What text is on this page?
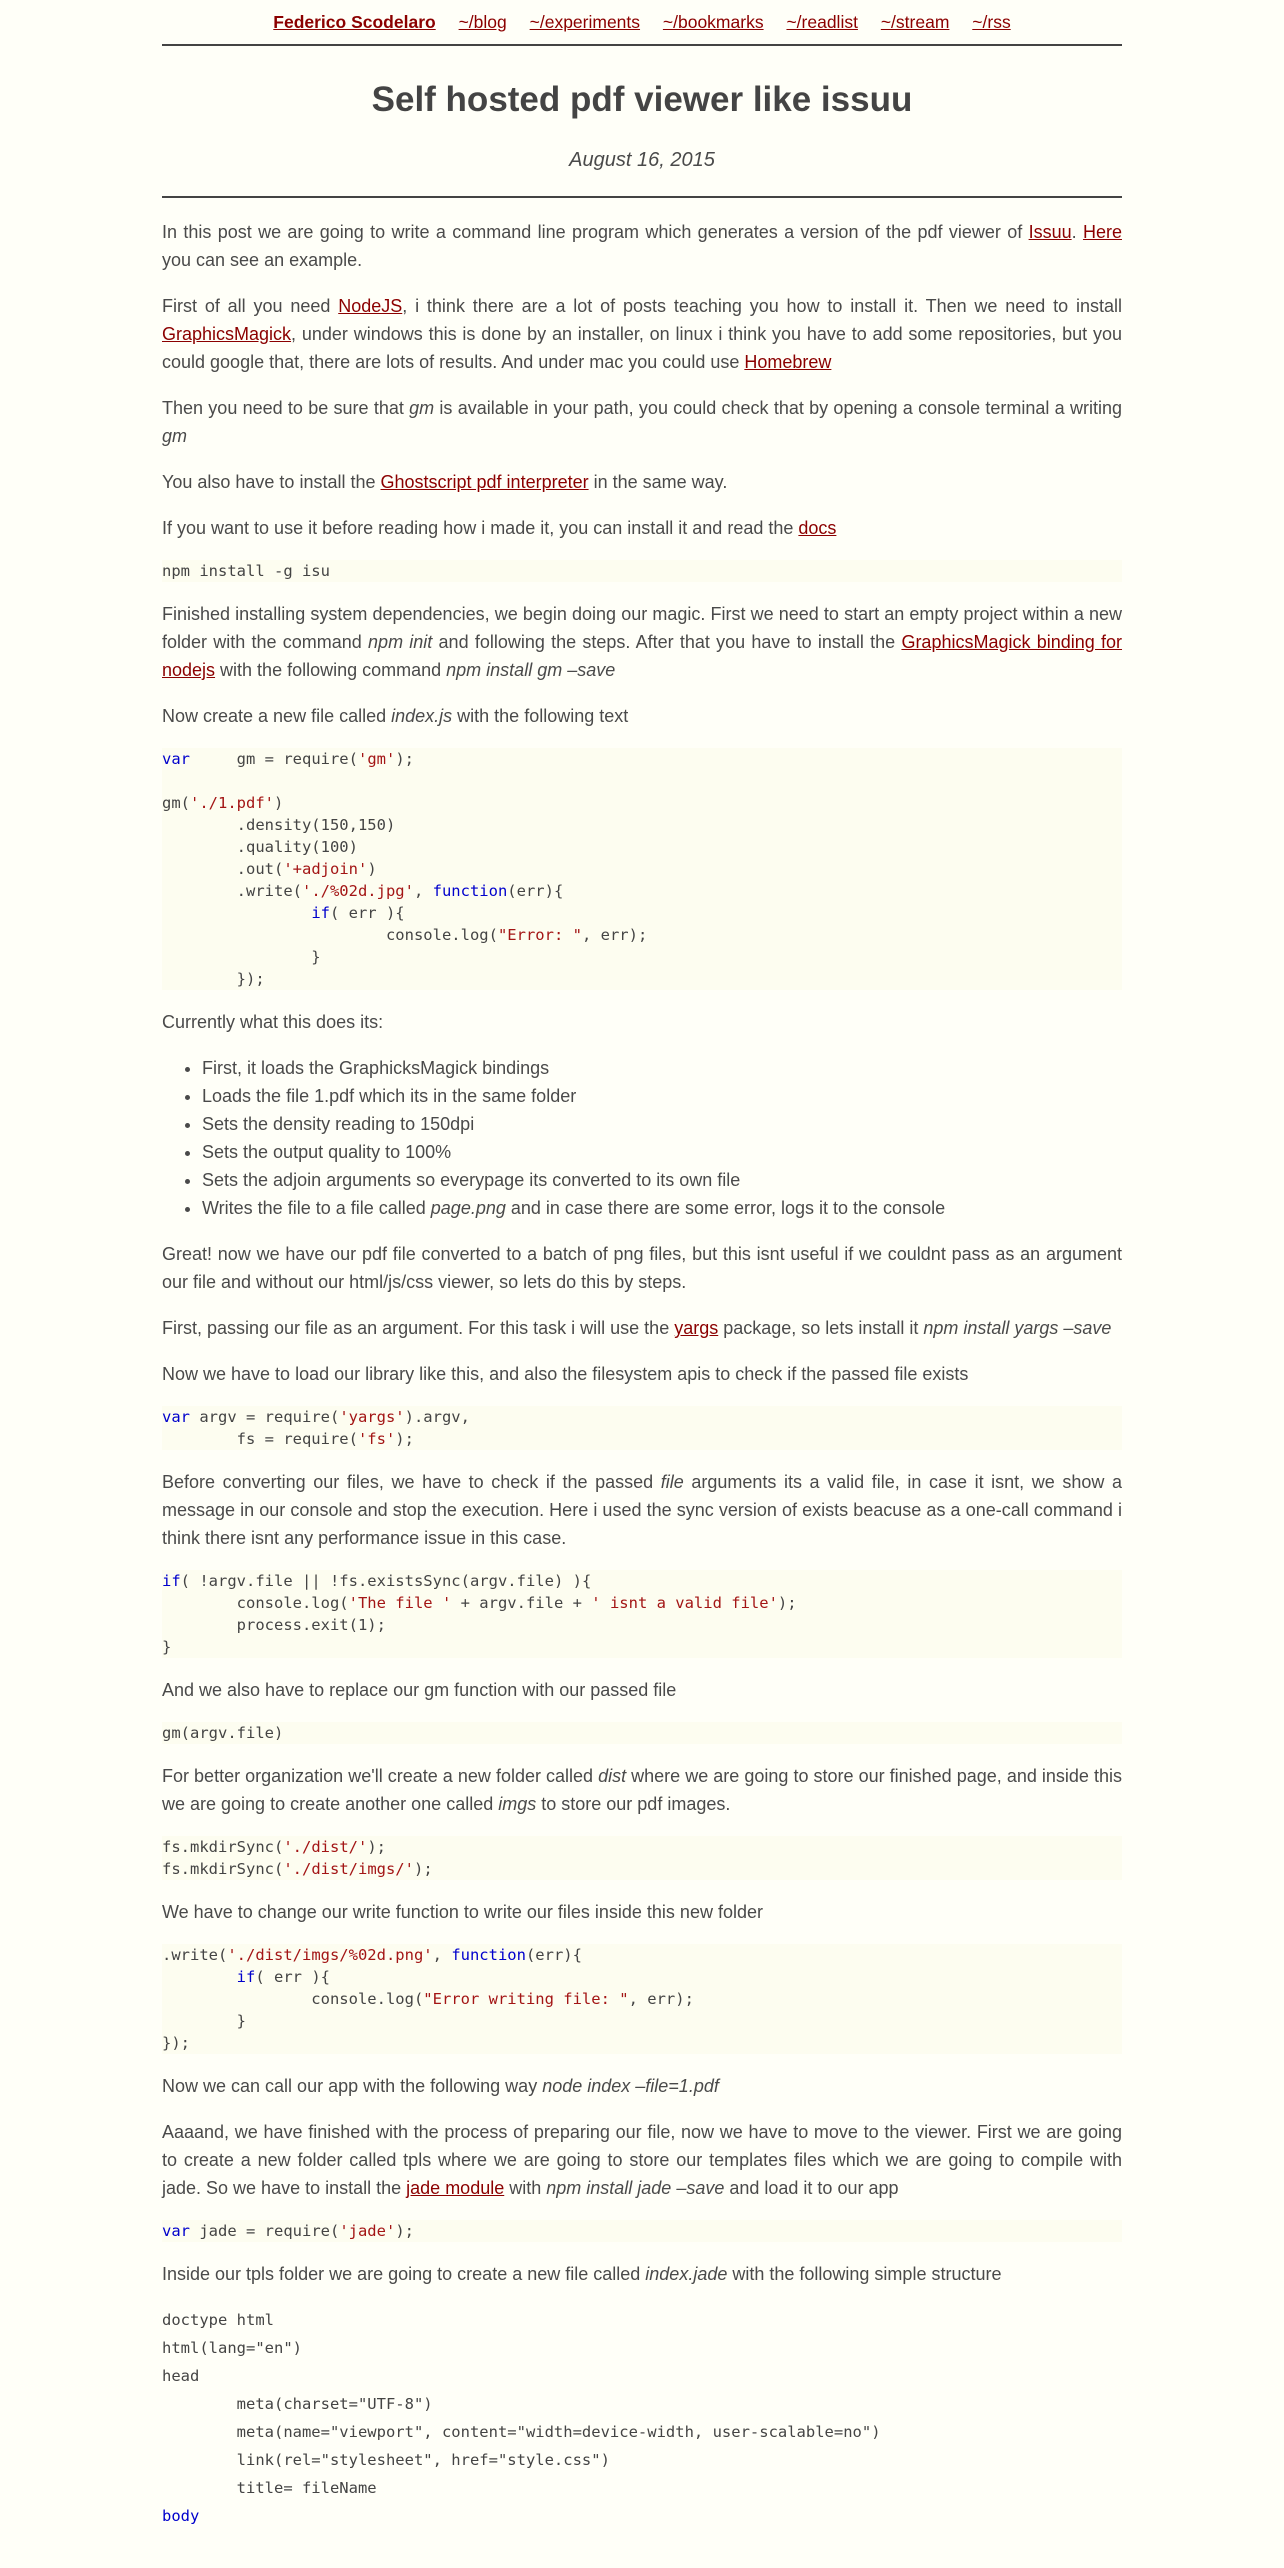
Federico Scodelaro ~/blog ~/experiments ~/bookmarks ~/readlist ~/stream ~/rss
Self hosted pdf viewer like issuu
August 16, 2015

In this post we are going to write a command line program which generates a version of the pdf viewer of Issuu. Here you can see an example.

First of all you need NodeJS, i think there are a lot of posts teaching you how to install it. Then we need to install GraphicsMagick, under windows this is done by an installer, on linux i think you have to add some repositories, but you could google that, there are lots of results. And under mac you could use Homebrew

Then you need to be sure that gm is available in your path, you could check that by opening a console terminal a writing gm

You also have to install the Ghostscript pdf interpreter in the same way.

If you want to use it before reading how i made it, you can install it and read the docs

npm install -g isu

Finished installing system dependencies, we begin doing our magic. First we need to start an empty project within a new folder with the command npm init and following the steps. After that you have to install the GraphicsMagick binding for nodejs with the following command npm install gm –save

Now create a new file called index.js with the following text

var     gm = require('gm');

gm('./1.pdf')
.density(150,150)
.quality(100)
.out('+adjoin')
.write('./%02d.jpg', function(err){
if( err ){
console.log("Error: ", err);
}
});

Currently what this does its:

• First, it loads the GraphicksMagick bindings
• Loads the file 1.pdf which its in the same folder
• Sets the density reading to 150dpi
• Sets the output quality to 100%
• Sets the adjoin arguments so everypage its converted to its own file
• Writes the file to a file called page.png and in case there are some error, logs it to the console

Great! now we have our pdf file converted to a batch of png files, but this isnt useful if we couldnt pass as an argument our file and without our html/js/css viewer, so lets do this by steps.

First, passing our file as an argument. For this task i will use the yargs package, so lets install it npm install yargs –save

Now we have to load our library like this, and also the filesystem apis to check if the passed file exists

var argv = require('yargs').argv,
fs = require('fs');

Before converting our files, we have to check if the passed file arguments its a valid file, in case it isnt, we show a message in our console and stop the execution. Here i used the sync version of exists beacuse as a one-call command i think there isnt any performance issue in this case.

if( !argv.file || !fs.existsSync(argv.file) ){
console.log('The file ' + argv.file + ' isnt a valid file');
process.exit(1);
}

And we also have to replace our gm function with our passed file

gm(argv.file)

For better organization we'll create a new folder called dist where we are going to store our finished page, and inside this we are going to create another one called imgs to store our pdf images.

fs.mkdirSync('./dist/');
fs.mkdirSync('./dist/imgs/');

We have to change our write function to write our files inside this new folder

.write('./dist/imgs/%02d.png', function(err){
if( err ){
console.log("Error writing file: ", err);
}
});

Now we can call our app with the following way node index –file=1.pdf

Aaaand, we have finished with the process of preparing our file, now we have to move to the viewer. First we are going to create a new folder called tpls where we are going to store our templates files which we are going to compile with jade. So we have to install the jade module with npm install jade –save and load it to our app

var jade = require('jade');

Inside our tpls folder we are going to create a new file called index.jade with the following simple structure

doctype html
html(lang="en")
head
meta(charset="UTF-8")
meta(name="viewport", content="width=device-width, user-scalable=no")
link(rel="stylesheet", href="style.css")
title= fileName
body
